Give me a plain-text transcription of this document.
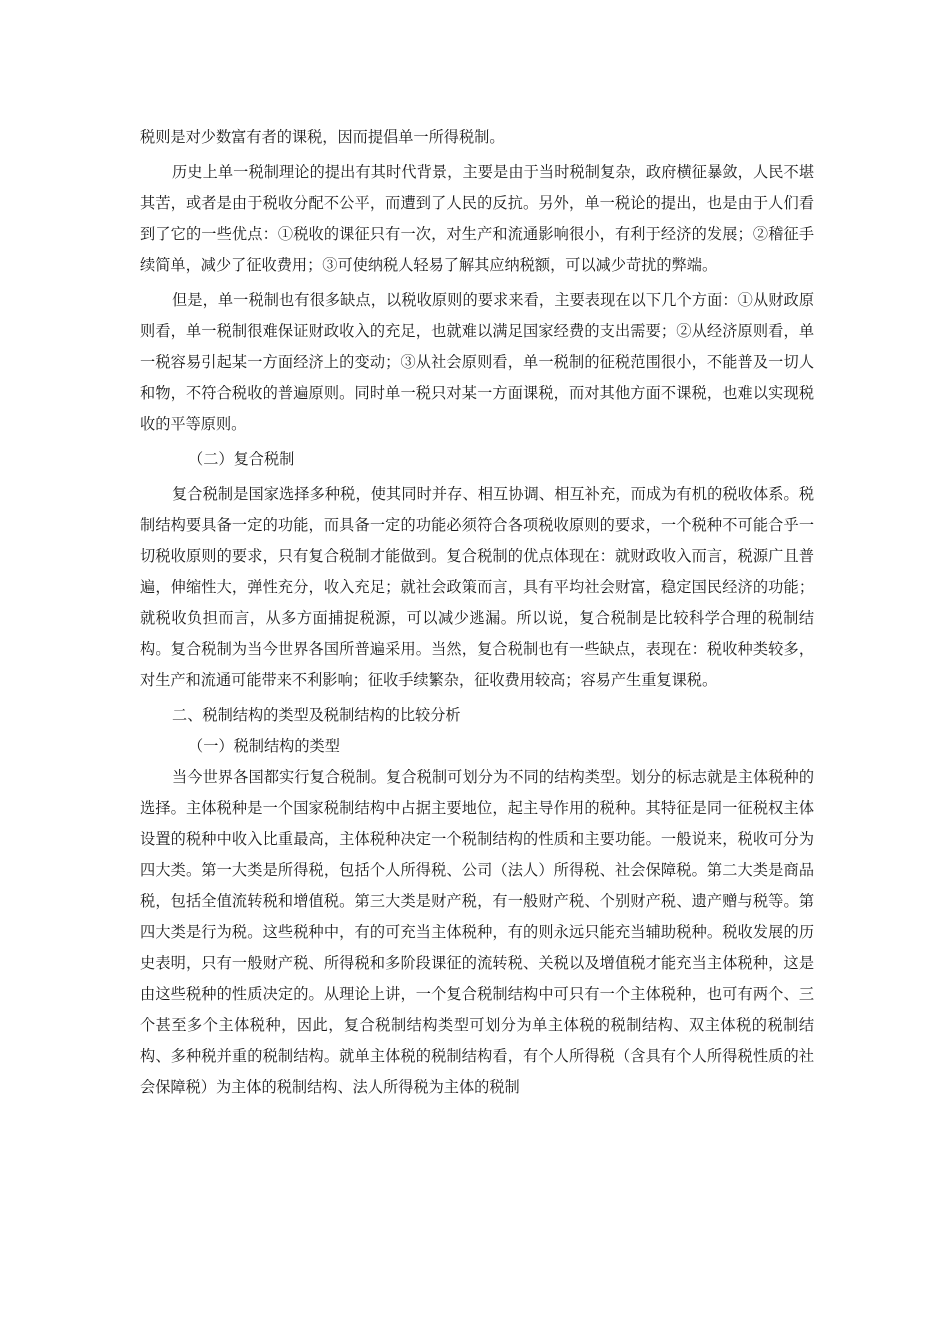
税则是对少数富有者的课税，因而提倡单一所得税制。

历史上单一税制理论的提出有其时代背景，主要是由于当时税制复杂，政府横征暴敛，人民不堪其苦，或者是由于税收分配不公平，而遭到了人民的反抗。另外，单一税论的提出，也是由于人们看到了它的一些优点：①税收的课征只有一次，对生产和流通影响很小，有利于经济的发展；②稽征手续简单，减少了征收费用；③可使纳税人轻易了解其应纳税额，可以减少苛扰的弊端。

但是，单一税制也有很多缺点，以税收原则的要求来看，主要表现在以下几个方面：①从财政原则看，单一税制很难保证财政收入的充足，也就难以满足国家经费的支出需要；②从经济原则看，单一税容易引起某一方面经济上的变动；③从社会原则看，单一税制的征税范围很小，不能普及一切人和物，不符合税收的普遍原则。同时单一税只对某一方面课税，而对其他方面不课税，也难以实现税收的平等原则。

（二）复合税制

复合税制是国家选择多种税，使其同时并存、相互协调、相互补充，而成为有机的税收体系。税制结构要具备一定的功能，而具备一定的功能必须符合各项税收原则的要求，一个税种不可能合乎一切税收原则的要求，只有复合税制才能做到。复合税制的优点体现在：就财政收入而言，税源广且普遍，伸缩性大，弹性充分，收入充足；就社会政策而言，具有平均社会财富，稳定国民经济的功能；就税收负担而言，从多方面捕捉税源，可以减少逃漏。所以说，复合税制是比较科学合理的税制结构。复合税制为当今世界各国所普遍采用。当然，复合税制也有一些缺点，表现在：税收种类较多，对生产和流通可能带来不利影响；征收手续繁杂，征收费用较高；容易产生重复课税。

二、税制结构的类型及税制结构的比较分析

（一）税制结构的类型

当今世界各国都实行复合税制。复合税制可划分为不同的结构类型。划分的标志就是主体税种的选择。主体税种是一个国家税制结构中占据主要地位，起主导作用的税种。其特征是同一征税权主体设置的税种中收入比重最高，主体税种决定一个税制结构的性质和主要功能。一般说来，税收可分为四大类。第一大类是所得税，包括个人所得税、公司（法人）所得税、社会保障税。第二大类是商品税，包括全值流转税和增值税。第三大类是财产税，有一般财产税、个别财产税、遗产赠与税等。第四大类是行为税。这些税种中，有的可充当主体税种，有的则永远只能充当辅助税种。税收发展的历史表明，只有一般财产税、所得税和多阶段课征的流转税、关税以及增值税才能充当主体税种，这是由这些税种的性质决定的。从理论上讲，一个复合税制结构中可只有一个主体税种，也可有两个、三个甚至多个主体税种，因此，复合税制结构类型可划分为单主体税的税制结构、双主体税的税制结构、多种税并重的税制结构。就单主体税的税制结构看，有个人所得税（含具有个人所得税性质的社会保障税）为主体的税制结构、法人所得税为主体的税制
